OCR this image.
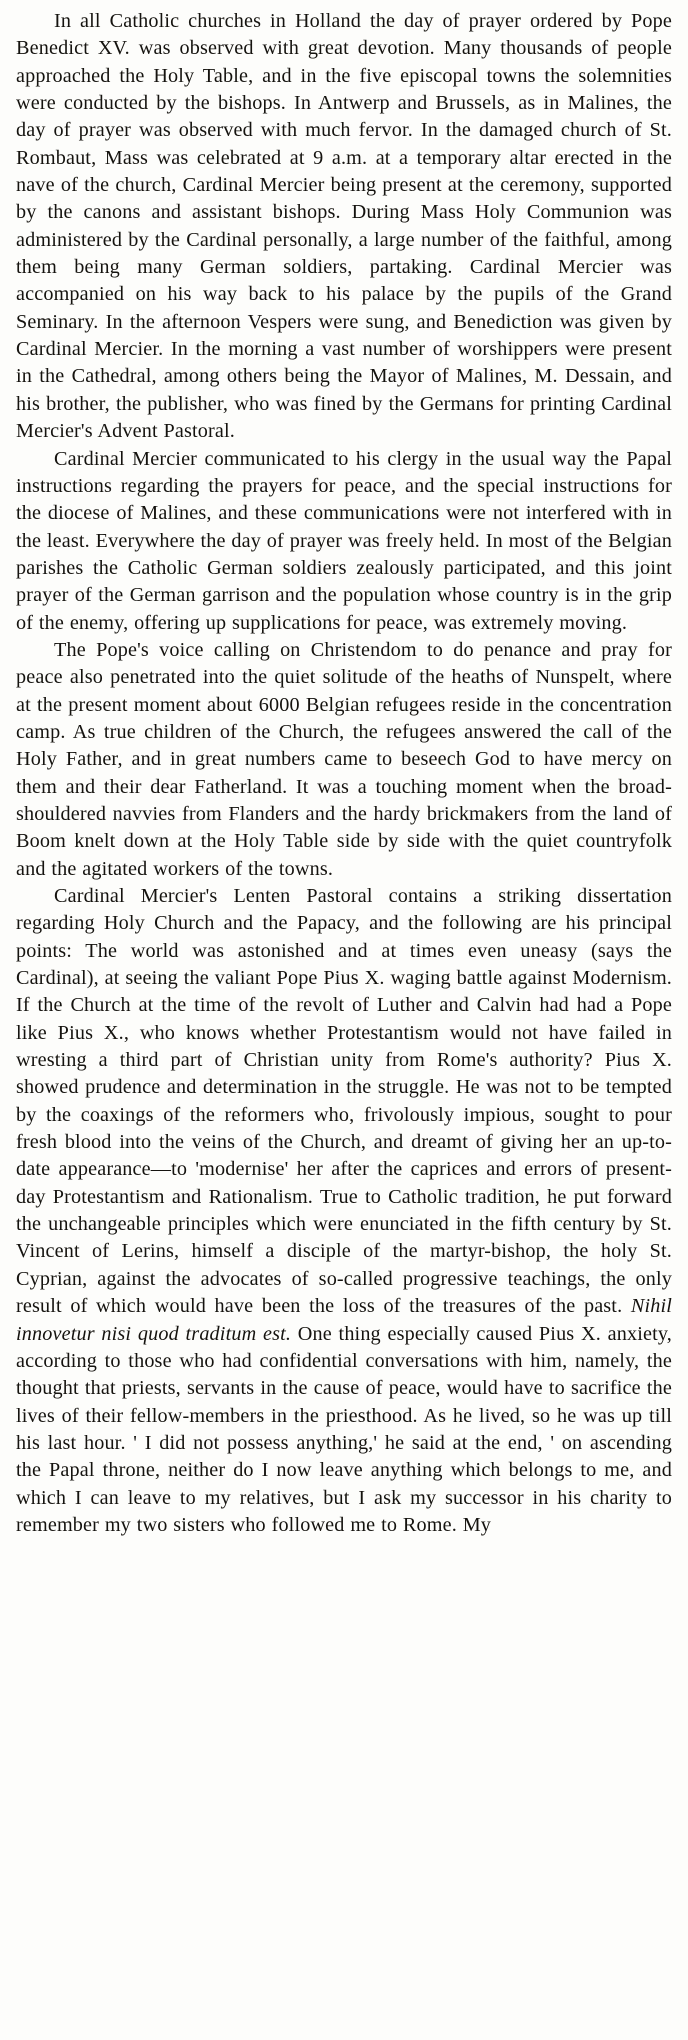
In all Catholic churches in Holland the day of prayer ordered by Pope Benedict XV. was observed with great devotion. Many thousands of people approached the Holy Table, and in the five episcopal towns the solemnities were conducted by the bishops. In Antwerp and Brussels, as in Malines, the day of prayer was observed with much fervor. In the damaged church of St. Rombaut, Mass was celebrated at 9 a.m. at a temporary altar erected in the nave of the church, Cardinal Mercier being present at the ceremony, supported by the canons and assistant bishops. During Mass Holy Communion was administered by the Cardinal personally, a large number of the faithful, among them being many German soldiers, partaking. Cardinal Mercier was accompanied on his way back to his palace by the pupils of the Grand Seminary. In the afternoon Vespers were sung, and Benediction was given by Cardinal Mercier. In the morning a vast number of worshippers were present in the Cathedral, among others being the Mayor of Malines, M. Dessain, and his brother, the publisher, who was fined by the Germans for printing Cardinal Mercier's Advent Pastoral.

Cardinal Mercier communicated to his clergy in the usual way the Papal instructions regarding the prayers for peace, and the special instructions for the diocese of Malines, and these communications were not interfered with in the least. Everywhere the day of prayer was freely held. In most of the Belgian parishes the Catholic German soldiers zealously participated, and this joint prayer of the German garrison and the population whose country is in the grip of the enemy, offering up supplications for peace, was extremely moving.

The Pope's voice calling on Christendom to do penance and pray for peace also penetrated into the quiet solitude of the heaths of Nunspelt, where at the present moment about 6000 Belgian refugees reside in the concentration camp. As true children of the Church, the refugees answered the call of the Holy Father, and in great numbers came to beseech God to have mercy on them and their dear Fatherland. It was a touching moment when the broad-shouldered navvies from Flanders and the hardy brickmakers from the land of Boom knelt down at the Holy Table side by side with the quiet countryfolk and the agitated workers of the towns.

Cardinal Mercier's Lenten Pastoral contains a striking dissertation regarding Holy Church and the Papacy, and the following are his principal points: The world was astonished and at times even uneasy (says the Cardinal), at seeing the valiant Pope Pius X. waging battle against Modernism. If the Church at the time of the revolt of Luther and Calvin had had a Pope like Pius X., who knows whether Protestantism would not have failed in wresting a third part of Christian unity from Rome's authority? Pius X. showed prudence and determination in the struggle. He was not to be tempted by the coaxings of the reformers who, frivolously impious, sought to pour fresh blood into the veins of the Church, and dreamt of giving her an up-to-date appearance—to 'modernise' her after the caprices and errors of present-day Protestantism and Rationalism. True to Catholic tradition, he put forward the unchangeable principles which were enunciated in the fifth century by St. Vincent of Lerins, himself a disciple of the martyr-bishop, the holy St. Cyprian, against the advocates of so-called progressive teachings, the only result of which would have been the loss of the treasures of the past. Nihil innovetur nisi quod traditum est. One thing especially caused Pius X. anxiety, according to those who had confidential conversations with him, namely, the thought that priests, servants in the cause of peace, would have to sacrifice the lives of their fellow-members in the priesthood. As he lived, so he was up till his last hour. ' I did not possess anything,' he said at the end, ' on ascending the Papal throne, neither do I now leave anything which belongs to me, and which I can leave to my relatives, but I ask my successor in his charity to remember my two sisters who followed me to Rome. My
